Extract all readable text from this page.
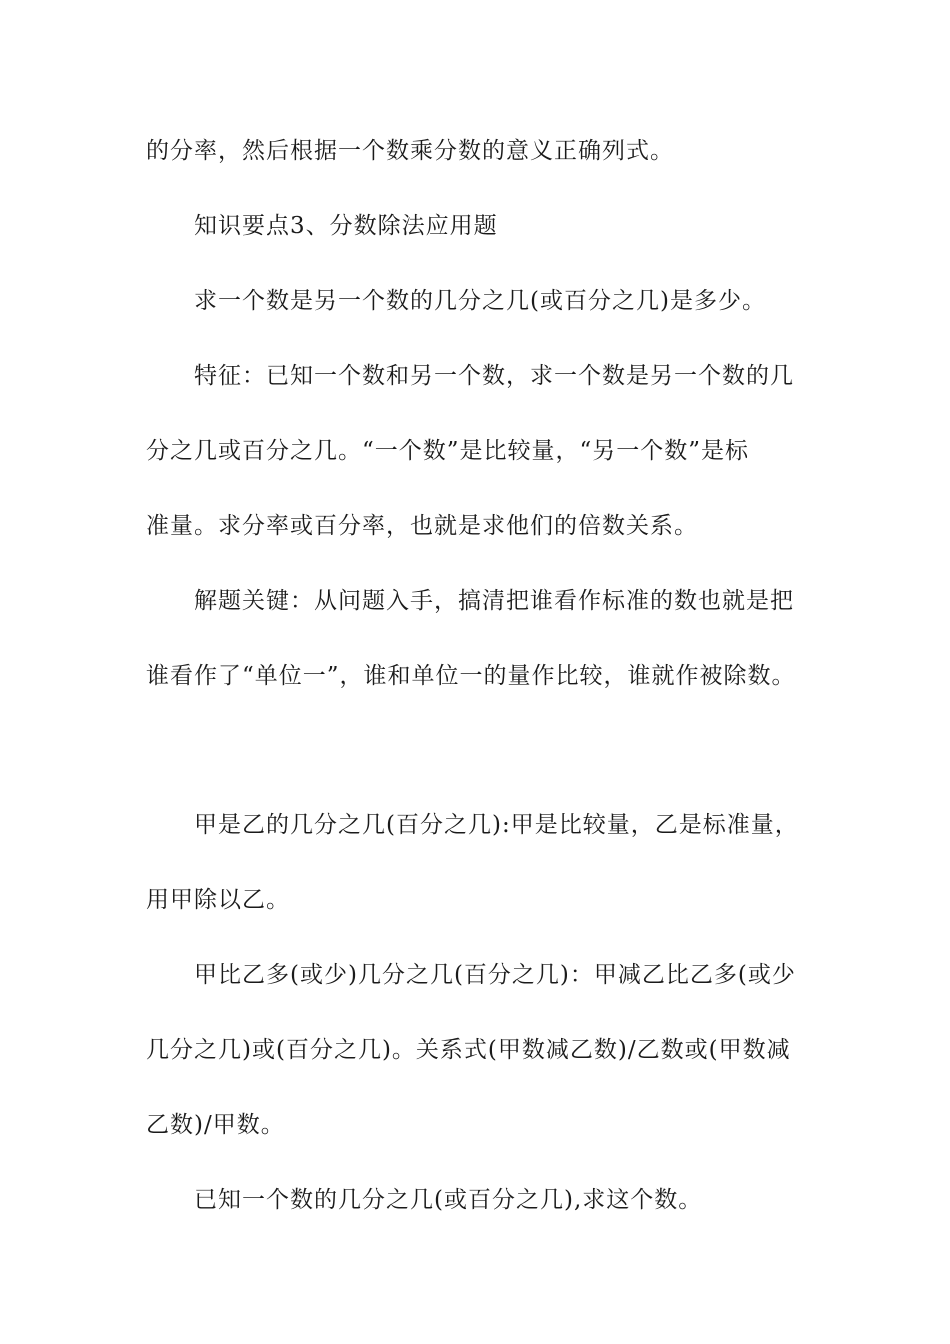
的分率，然后根据一个数乘分数的意义正确列式。
知识要点3、分数除法应用题
求一个数是另一个数的几分之几(或百分之几)是多少。
特征：已知一个数和另一个数，求一个数是另一个数的几
分之几或百分之几。“一个数”是比较量，“另一个数”是标
准量。求分率或百分率，也就是求他们的倍数关系。
解题关键：从问题入手，搞清把谁看作标准的数也就是把
谁看作了“单位一”，谁和单位一的量作比较，谁就作被除数。
甲是乙的几分之几(百分之几):甲是比较量，乙是标准量，
用甲除以乙。
甲比乙多(或少)几分之几(百分之几)：甲减乙比乙多(或少
几分之几)或(百分之几)。关系式(甲数减乙数)/乙数或(甲数减
乙数)/甲数。
已知一个数的几分之几(或百分之几),求这个数。
